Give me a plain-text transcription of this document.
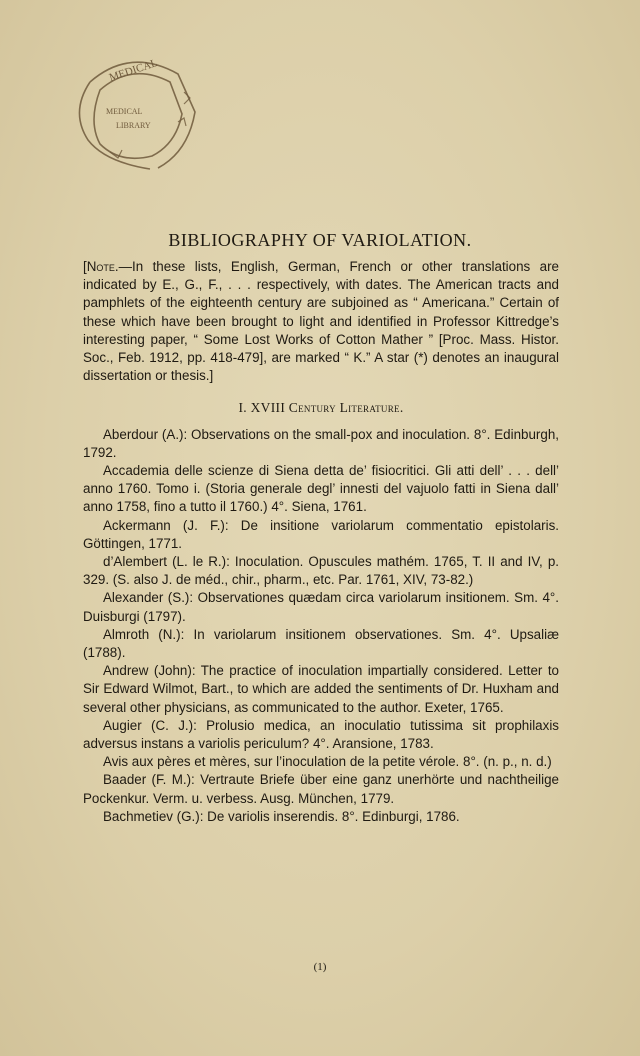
MEDICAL
MEDICAL
LIBRARY
BIBLIOGRAPHY OF VARIOLATION.

[Note.—In these lists, English, German, French or other translations are indicated by E., G., F., . . . respectively, with dates. The American tracts and pamphlets of the eighteenth century are subjoined as “ Americana.” Certain of these which have been brought to light and identified in Professor Kittredge’s interesting paper, “ Some Lost Works of Cotton Mather ” [Proc. Mass. Histor. Soc., Feb. 1912, pp. 418-479], are marked “ K.” A star (*) denotes an inaugural dissertation or thesis.]

I. XVIII Century Literature.

Aberdour (A.): Observations on the small-pox and inoculation. 8°. Edinburgh, 1792.

Accademia delle scienze di Siena detta de’ fisiocritici. Gli atti dell’ . . . dell’ anno 1760. Tomo i. (Storia generale degl’ innesti del vajuolo fatti in Siena dall’ anno 1758, fino a tutto il 1760.) 4°. Siena, 1761.

Ackermann (J. F.): De insitione variolarum commentatio epistolaris. Göttingen, 1771.

d’Alembert (L. le R.): Inoculation. Opuscules mathém. 1765, T. II and IV, p. 329. (S. also J. de méd., chir., pharm., etc. Par. 1761, XIV, 73-82.)

Alexander (S.): Observationes quædam circa variolarum insitionem. Sm. 4°. Duisburgi (1797).

Almroth (N.): In variolarum insitionem observationes. Sm. 4°. Upsaliæ (1788).

Andrew (John): The practice of inoculation impartially considered. Letter to Sir Edward Wilmot, Bart., to which are added the sentiments of Dr. Huxham and several other physicians, as communicated to the author. Exeter, 1765.

Augier (C. J.): Prolusio medica, an inoculatio tutissima sit prophilaxis adversus instans a variolis periculum? 4°. Aransione, 1783.

Avis aux pères et mères, sur l’inoculation de la petite vérole. 8°. (n. p., n. d.)

Baader (F. M.): Vertraute Briefe über eine ganz unerhörte und nachtheilige Pockenkur. Verm. u. verbess. Ausg. München, 1779.

Bachmetiev (G.): De variolis inserendis. 8°. Edinburgi, 1786.

(1)
